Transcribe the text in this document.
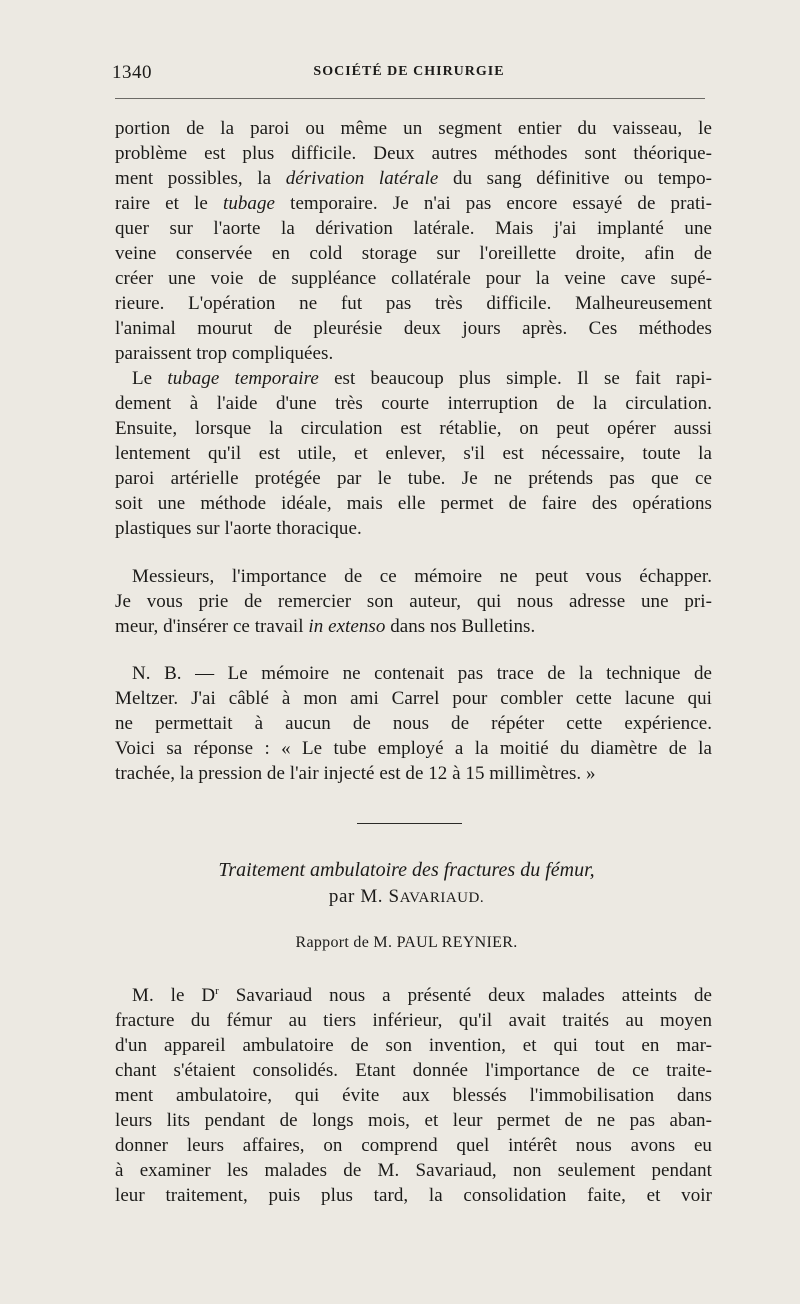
1340	SOCIÉTÉ DE CHIRURGIE
portion de la paroi ou même un segment entier du vaisseau, le
problème est plus difficile. Deux autres méthodes sont théorique-
ment possibles, la dérivation latérale du sang définitive ou tempo-
raire et le tubage temporaire. Je n'ai pas encore essayé de prati-
quer sur l'aorte la dérivation latérale. Mais j'ai implanté une
veine conservée en cold storage sur l'oreillette droite, afin de
créer une voie de suppléance collatérale pour la veine cave supé-
rieure. L'opération ne fut pas très difficile. Malheureusement
l'animal mourut de pleurésie deux jours après. Ces méthodes
paraissent trop compliquées.
Le tubage temporaire est beaucoup plus simple. Il se fait rapi-
dement à l'aide d'une très courte interruption de la circulation.
Ensuite, lorsque la circulation est rétablie, on peut opérer aussi
lentement qu'il est utile, et enlever, s'il est nécessaire, toute la
paroi artérielle protégée par le tube. Je ne prétends pas que ce
soit une méthode idéale, mais elle permet de faire des opérations
plastiques sur l'aorte thoracique.
Messieurs, l'importance de ce mémoire ne peut vous échapper.
Je vous prie de remercier son auteur, qui nous adresse une pri-
meur, d'insérer ce travail in extenso dans nos Bulletins.
N. B. — Le mémoire ne contenait pas trace de la technique de
Meltzer. J'ai câblé à mon ami Carrel pour combler cette lacune qui
ne permettait à aucun de nous de répéter cette expérience.
Voici sa réponse : « Le tube employé a la moitié du diamètre de la
trachée, la pression de l'air injecté est de 12 à 15 millimètres. »
Traitement ambulatoire des fractures du fémur,
par M. SAVARIAUD.
Rapport de M. PAUL REYNIER.
M. le $D^r$ Savariaud nous a présenté deux malades atteints de
fracture du fémur au tiers inférieur, qu'il avait traités au moyen
d'un appareil ambulatoire de son invention, et qui tout en mar-
chant s'étaient consolidés. Etant donnée l'importance de ce traite-
ment ambulatoire, qui évite aux blessés l'immobilisation dans
leurs lits pendant de longs mois, et leur permet de ne pas aban-
donner leurs affaires, on comprend quel intérêt nous avons eu
à examiner les malades de M. Savariaud, non seulement pendant
leur traitement, puis plus tard, la consolidation faite, et voir
